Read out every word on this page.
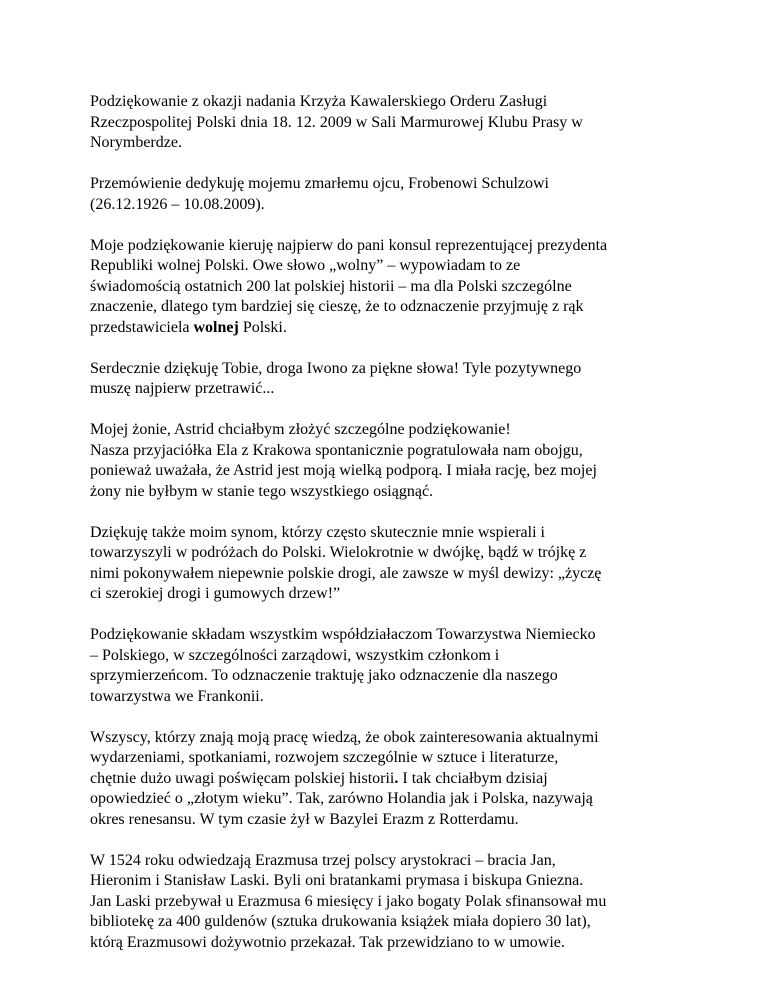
Podziękowanie z okazji nadania Krzyża Kawalerskiego Orderu Zasługi
Rzeczpospolitej Polski dnia 18. 12. 2009 w Sali Marmurowej Klubu Prasy w
Norymberdze.

Przemówienie dedykuję mojemu zmarłemu ojcu, Frobenowi Schulzowi
(26.12.1926 – 10.08.2009).

Moje podziękowanie kieruję najpierw do pani konsul reprezentującej prezydenta
Republiki wolnej Polski. Owe słowo „wolny” – wypowiadam to ze
świadomością ostatnich 200 lat polskiej historii – ma dla Polski szczególne
znaczenie, dlatego tym bardziej się cieszę, że to odznaczenie przyjmuję z rąk
przedstawiciela wolnej Polski.

Serdecznie dziękuję Tobie, droga Iwono za piękne słowa! Tyle pozytywnego
muszę najpierw przetrawić...

Mojej żonie, Astrid chciałbym złożyć szczególne podziękowanie!
Nasza przyjaciółka Ela z Krakowa spontanicznie pogratulowała nam obojgu,
ponieważ uważała, że Astrid jest moją wielką podporą. I miała rację, bez mojej
żony nie byłbym w stanie tego wszystkiego osiągnąć.

Dziękuję także moim synom, którzy często skutecznie mnie wspierali i
towarzyszyli w podróżach do Polski. Wielokrotnie w dwójkę, bądź w trójkę z
nimi pokonywałem niepewnie polskie drogi, ale zawsze w myśl dewizy: „życzę
ci szerokiej drogi i gumowych drzew!”

Podziękowanie składam wszystkim współdziałaczom Towarzystwa Niemiecko
– Polskiego, w szczególności zarządowi, wszystkim członkom i
sprzymierzeńcom. To odznaczenie traktuję jako odznaczenie dla naszego
towarzystwa we Frankonii.

Wszyscy, którzy znają moją pracę wiedzą, że obok zainteresowania aktualnymi
wydarzeniami, spotkaniami, rozwojem szczególnie w sztuce i literaturze,
chętnie dużo uwagi poświęcam polskiej historii. I tak chciałbym dzisiaj
opowiedzieć o „złotym wieku”. Tak, zarówno Holandia jak i Polska, nazywają
okres renesansu. W tym czasie żył w Bazylei Erazm z Rotterdamu.

W 1524 roku odwiedzają Erazmusa trzej polscy arystokraci – bracia Jan,
Hieronim i Stanisław Laski. Byli oni bratankami prymasa i biskupa Gniezna.
Jan Laski przebywał u Erazmusa 6 miesięcy i jako bogaty Polak sfinansował mu
bibliotekę za 400 guldenów (sztuka drukowania książek miała dopiero 30 lat),
którą Erazmusowi dożywotnio przekazał. Tak przewidziano to w umowie.
